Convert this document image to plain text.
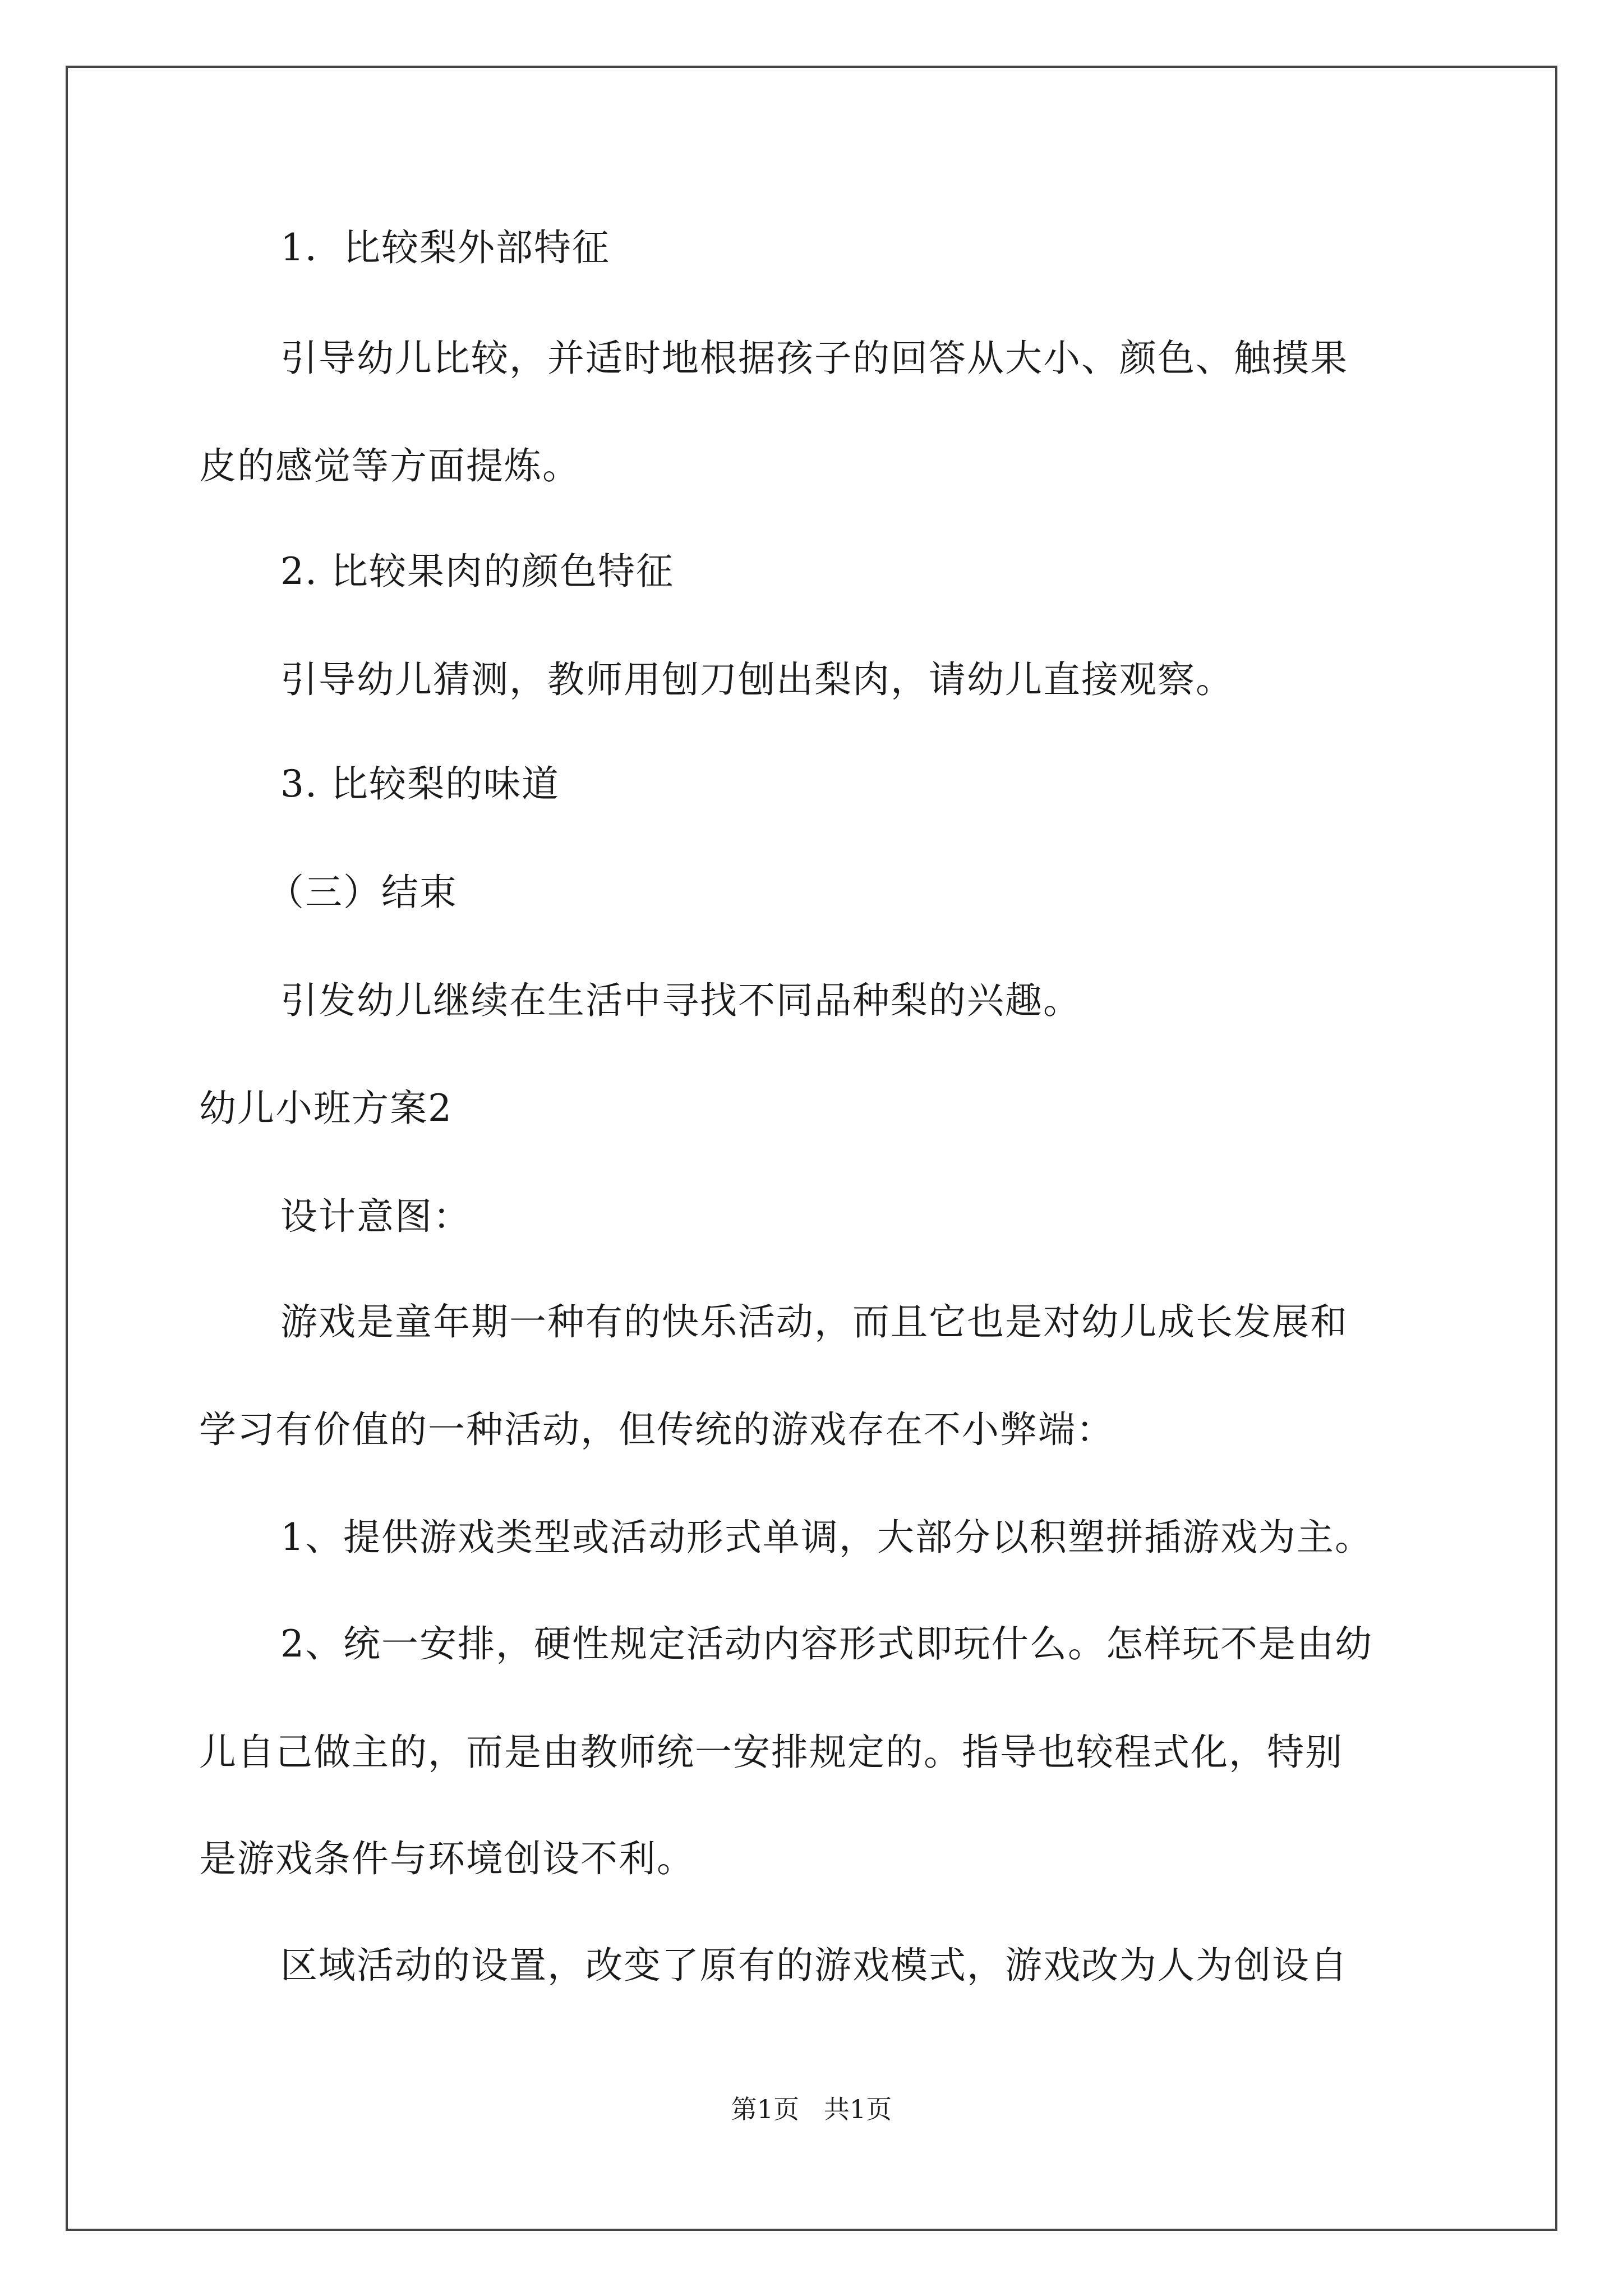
1．比较梨外部特征
引导幼儿比较，并适时地根据孩子的回答从大小、颜色、触摸果
皮的感觉等方面提炼。
2. 比较果肉的颜色特征
引导幼儿猜测，教师用刨刀刨出梨肉，请幼儿直接观察。
3. 比较梨的味道
（三）结束
引发幼儿继续在生活中寻找不同品种梨的兴趣。
幼儿小班方案2
设计意图：
游戏是童年期一种有的快乐活动，而且它也是对幼儿成长发展和
学习有价值的一种活动，但传统的游戏存在不小弊端：
1、提供游戏类型或活动形式单调，大部分以积塑拼插游戏为主。
2、统一安排，硬性规定活动内容形式即玩什么。怎样玩不是由幼
儿自己做主的，而是由教师统一安排规定的。指导也较程式化，特别
是游戏条件与环境创设不利。
区域活动的设置，改变了原有的游戏模式，游戏改为人为创设自
第1页   共1页
